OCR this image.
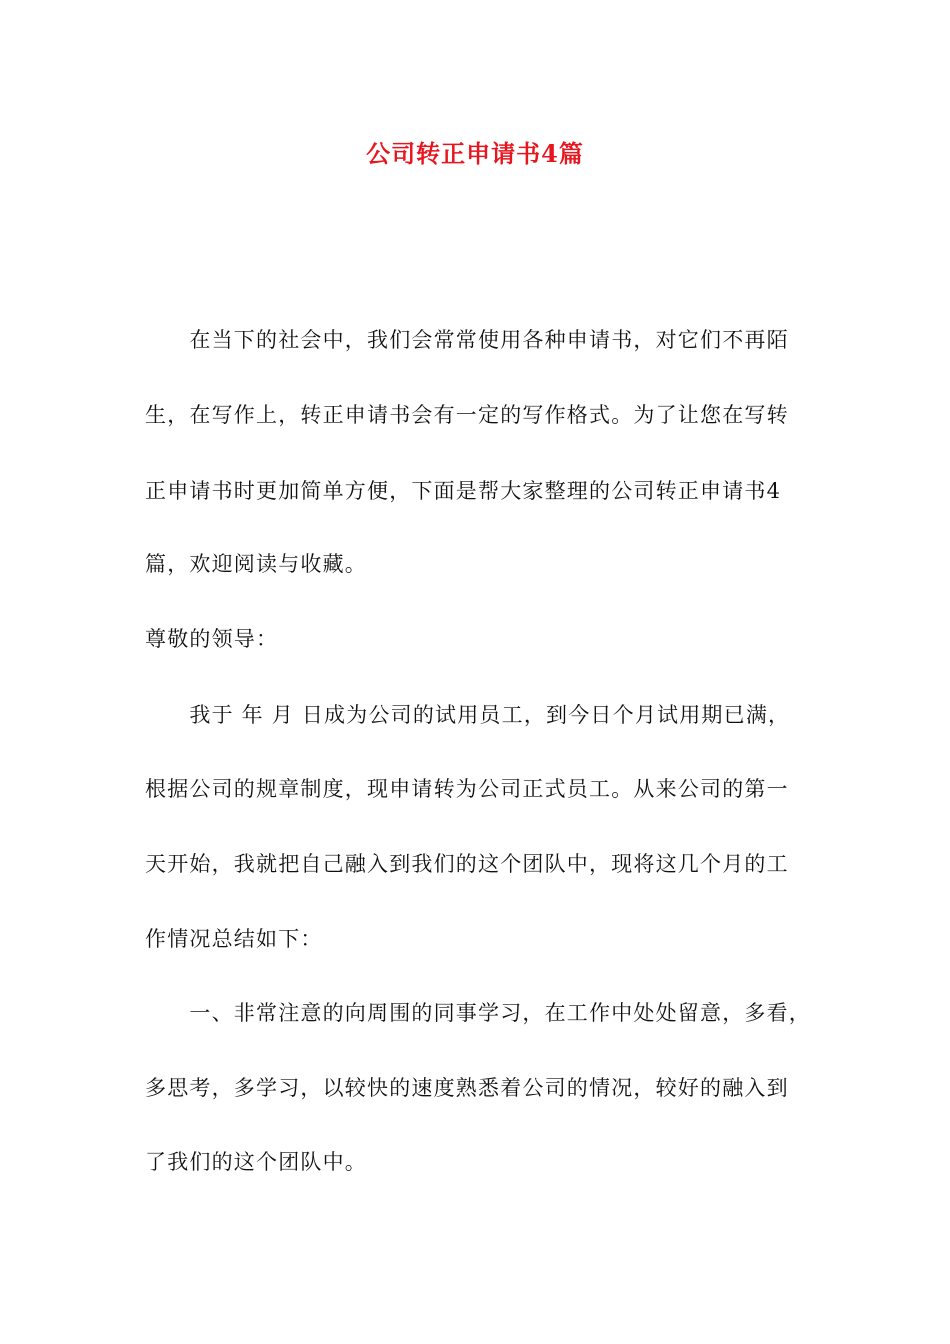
公司转正申请书4篇

　　在当下的社会中，我们会常常使用各种申请书，对它们不再陌

生，在写作上，转正申请书会有一定的写作格式。为了让您在写转

正申请书时更加简单方便，下面是帮大家整理的公司转正申请书4

篇，欢迎阅读与收藏。

尊敬的领导：

　　我于 年 月 日成为公司的试用员工，到今日个月试用期已满，

根据公司的规章制度，现申请转为公司正式员工。从来公司的第一

天开始，我就把自己融入到我们的这个团队中，现将这几个月的工

作情况总结如下：

　　一、非常注意的向周围的同事学习，在工作中处处留意，多看，

多思考，多学习，以较快的速度熟悉着公司的情况，较好的融入到

了我们的这个团队中。
